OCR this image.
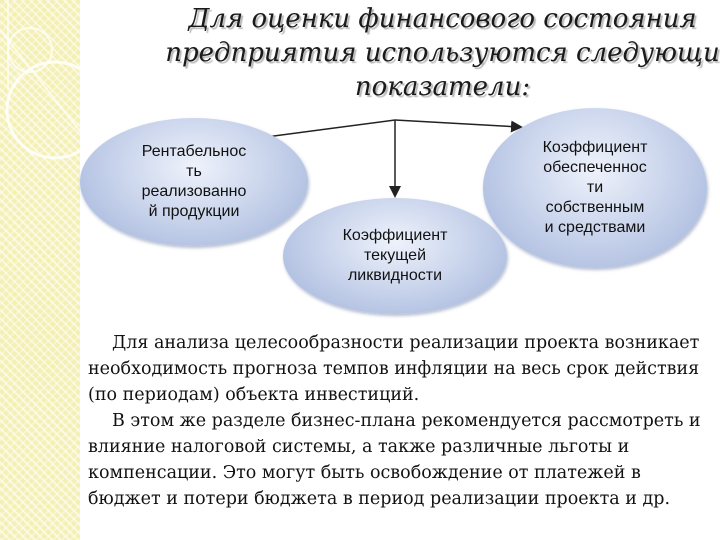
Для оценки финансового состояния
предприятия используются следующи
показатели:
Рентабельнос
ть
реализованно
й продукции
Коэффициент
текущей
ликвидности
Коэффициент
обеспеченнос
ти
собственным
и средствами

Для анализа целесообразности реализации проекта возникает необходимость прогноза темпов инфляции на весь срок действия (по периодам) объекта инвестиций.

В этом же разделе бизнес-плана рекомендуется рассмотреть и влияние налоговой системы, а также различные льготы и компенсации. Это могут быть освобождение от платежей в бюджет и потери бюджета в период реализации проекта и др.
